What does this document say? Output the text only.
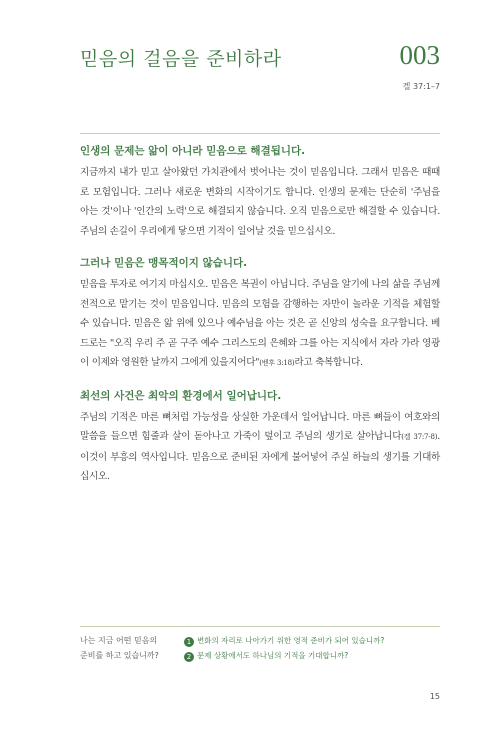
믿음의 걸음을 준비하라	003
겔 37:1–7

인생의 문제는 앎이 아니라 믿음으로 해결됩니다.

지금까지 내가 믿고 살아왔던 가치관에서 벗어나는 것이 믿음입니다. 그래서 믿음은 때때로 모험입니다. 그러나 새로운 변화의 시작이기도 합니다. 인생의 문제는 단순히 '주님을 아는 것'이나 '인간의 노력'으로 해결되지 않습니다. 오직 믿음으로만 해결할 수 있습니다. 주님의 손길이 우리에게 닿으면 기적이 일어날 것을 믿으십시오.

그러나 믿음은 맹목적이지 않습니다.

믿음을 투자로 여기지 마십시오. 믿음은 복권이 아닙니다. 주님을 알기에 나의 삶을 주님께 전적으로 맡기는 것이 믿음입니다. 믿음의 모험을 감행하는 자만이 놀라운 기적을 체험할 수 있습니다. 믿음은 앎 위에 있으나 예수님을 아는 것은 곧 신앙의 성숙을 요구합니다. 베드로는 "오직 우리 주 곧 구주 예수 그리스도의 은혜와 그를 아는 지식에서 자라 가라 영광이 이제와 영원한 날까지 그에게 있을지어다"(벧후 3:18)라고 축복합니다.

최선의 사건은 최악의 환경에서 일어납니다.

주님의 기적은 마른 뼈처럼 가능성을 상실한 가운데서 일어납니다. 마른 뼈들이 여호와의 말씀을 들으면 힘줄과 살이 돋아나고 가죽이 덮이고 주님의 생기로 살아납니다(겔 37:7-8). 이것이 부흥의 역사입니다. 믿음으로 준비된 자에게 불어넣어 주실 하늘의 생기를 기대하십시오.

나는 지금 어떤 믿음의
준비를 하고 있습니까?
1 변화의 자리로 나아가기 위한 영적 준비가 되어 있습니까?
2 문제 상황에서도 하나님의 기적을 기대합니까?
15
